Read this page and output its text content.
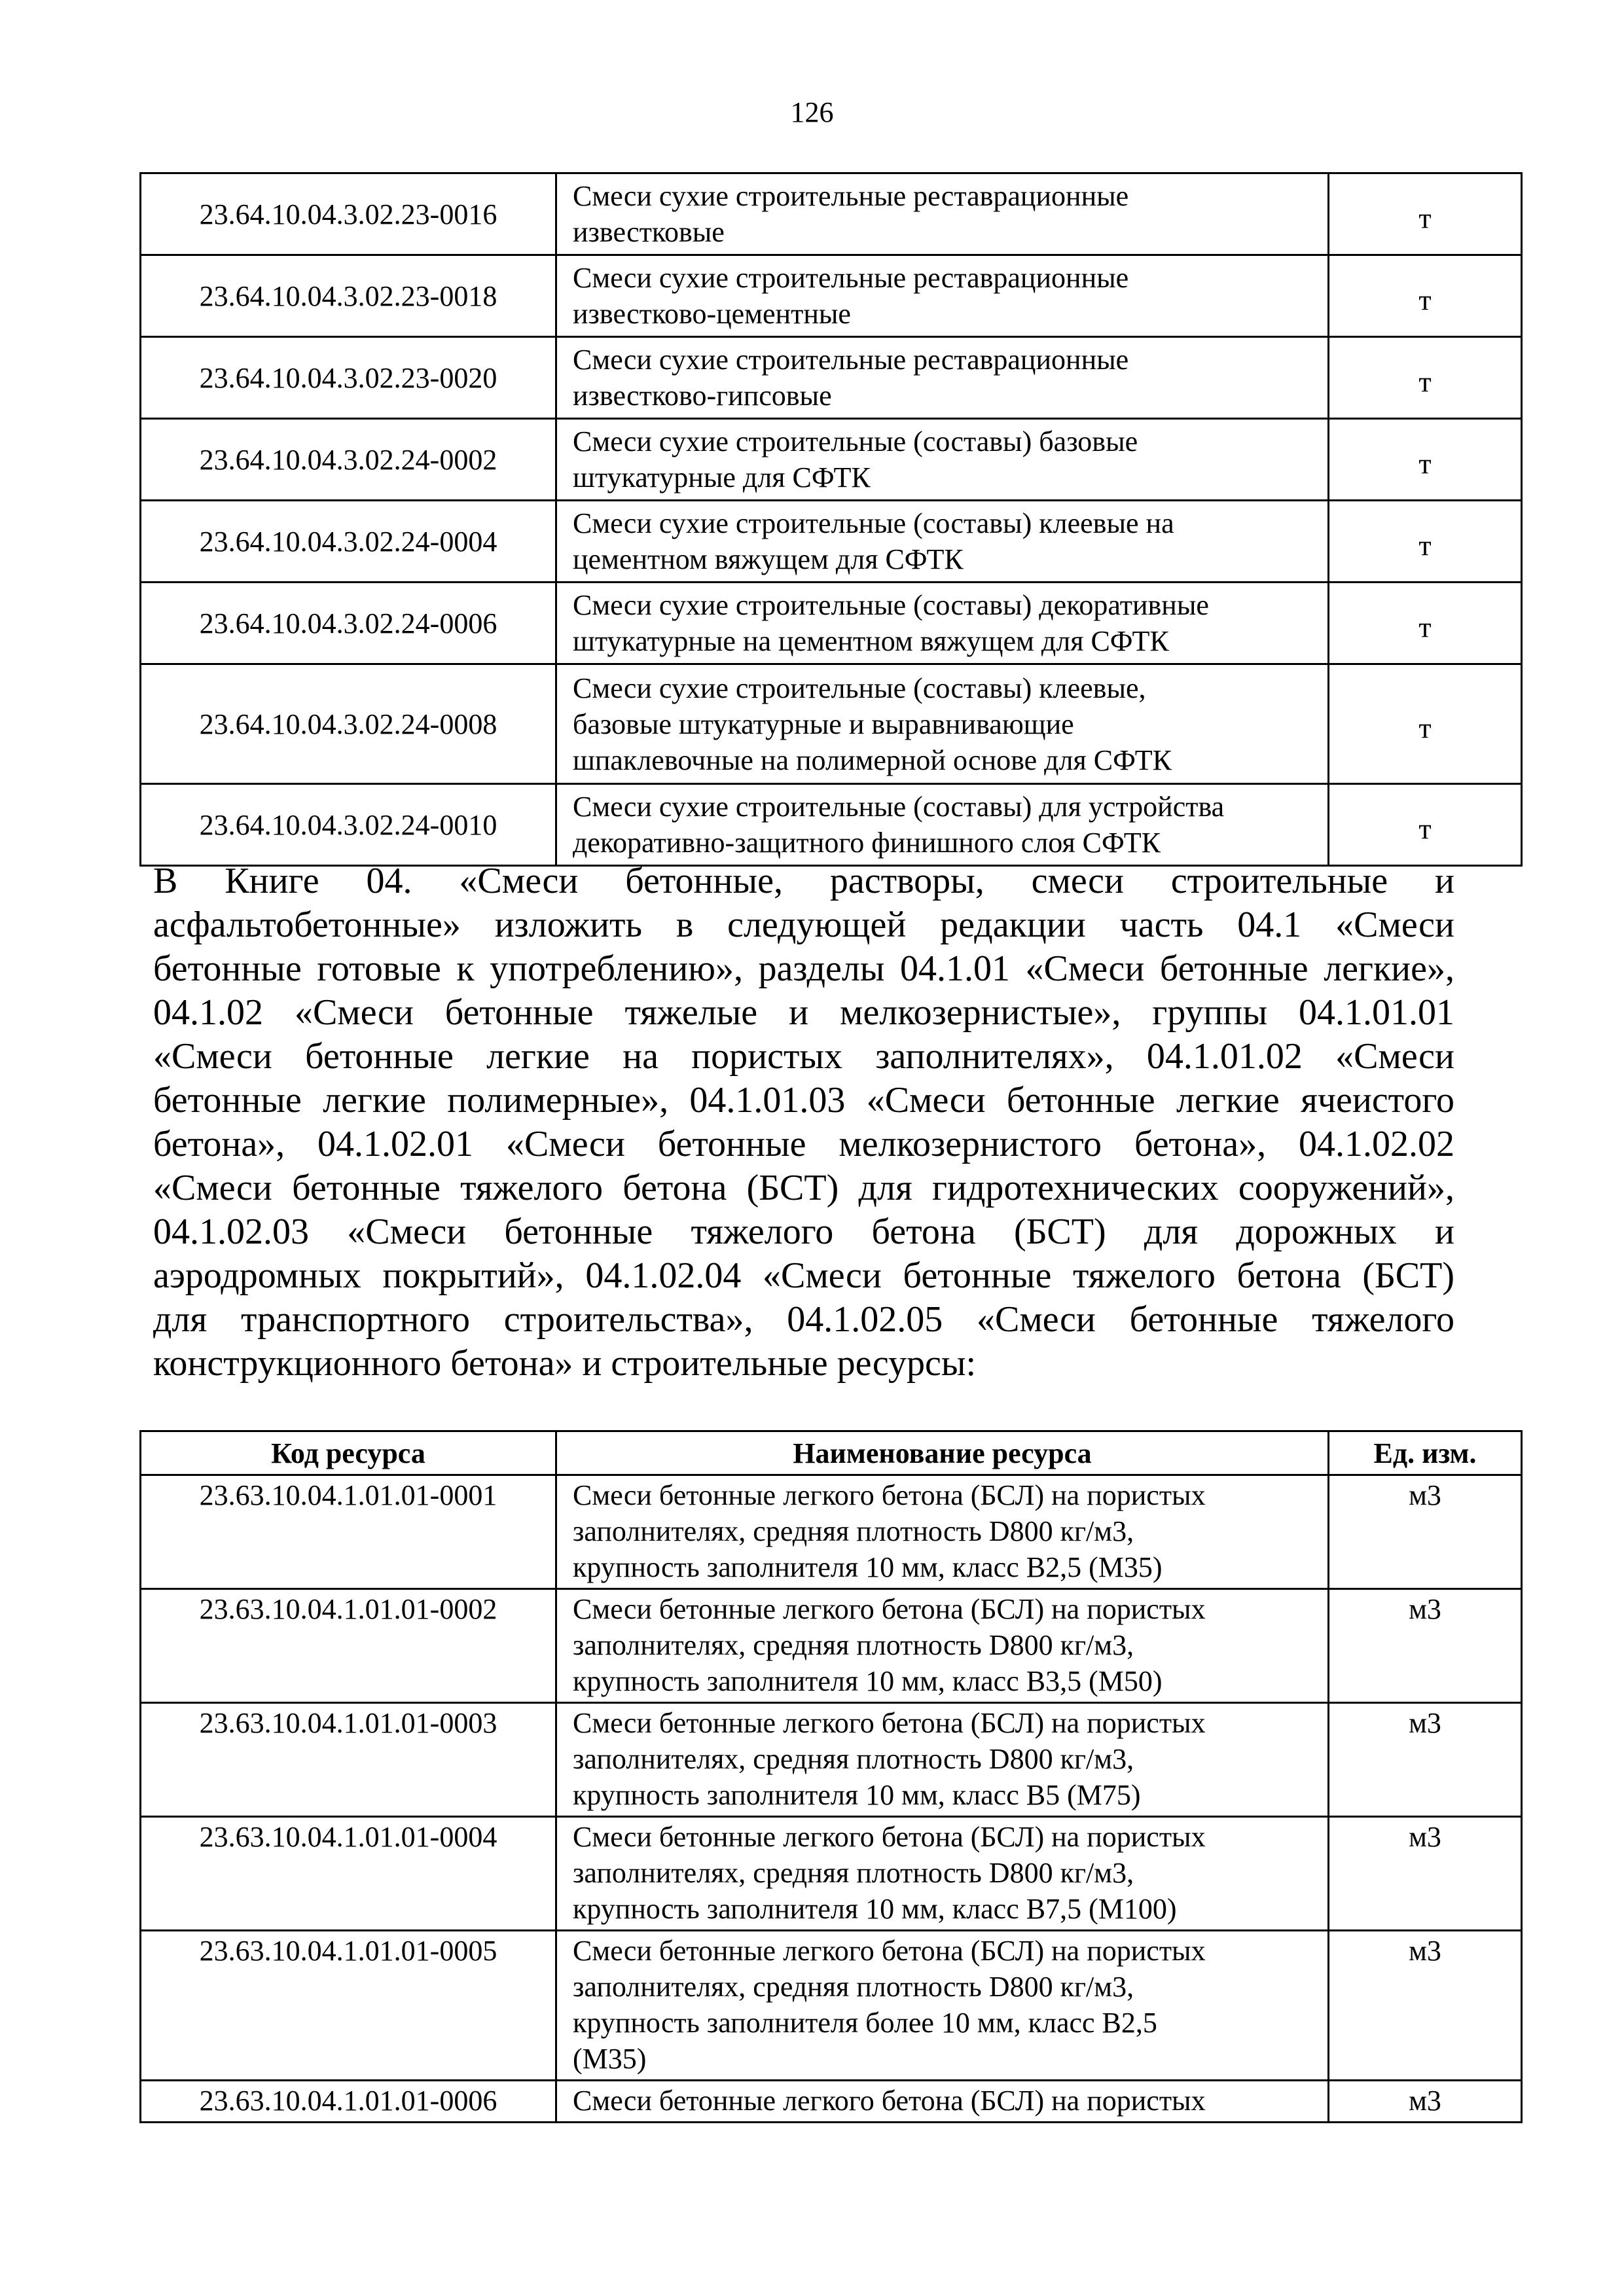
126
23.64.10.04.3.02.23-0016	Смеси сухие строительные реставрационные
известковые	т
23.64.10.04.3.02.23-0018	Смеси сухие строительные реставрационные
известково-цементные	т
23.64.10.04.3.02.23-0020	Смеси сухие строительные реставрационные
известково-гипсовые	т
23.64.10.04.3.02.24-0002	Смеси сухие строительные (составы) базовые
штукатурные для СФТК	т
23.64.10.04.3.02.24-0004	Смеси сухие строительные (составы) клеевые на
цементном вяжущем для СФТК	т
23.64.10.04.3.02.24-0006	Смеси сухие строительные (составы) декоративные
штукатурные на цементном вяжущем для СФТК	т
23.64.10.04.3.02.24-0008	Смеси сухие строительные (составы) клеевые,
базовые штукатурные и выравнивающие
шпаклевочные на полимерной основе для СФТК	т
23.64.10.04.3.02.24-0010	Смеси сухие строительные (составы) для устройства
декоративно-защитного финишного слоя СФТК	т
В Книге 04. «Смеси бетонные, растворы, смеси строительные и
асфальтобетонные» изложить в следующей редакции часть 04.1 «Смеси
бетонные готовые к употреблению», разделы 04.1.01 «Смеси бетонные легкие»,
04.1.02 «Смеси бетонные тяжелые и мелкозернистые», группы 04.1.01.01
«Смеси бетонные легкие на пористых заполнителях», 04.1.01.02 «Смеси
бетонные легкие полимерные», 04.1.01.03 «Смеси бетонные легкие ячеистого
бетона», 04.1.02.01 «Смеси бетонные мелкозернистого бетона», 04.1.02.02
«Смеси бетонные тяжелого бетона (БСТ) для гидротехнических сооружений»,
04.1.02.03 «Смеси бетонные тяжелого бетона (БСТ) для дорожных и
аэродромных покрытий», 04.1.02.04 «Смеси бетонные тяжелого бетона (БСТ)
для транспортного строительства», 04.1.02.05 «Смеси бетонные тяжелого
конструкционного бетона» и строительные ресурсы:
Код ресурса	Наименование ресурса	Ед. изм.
23.63.10.04.1.01.01-0001	Смеси бетонные легкого бетона (БСЛ) на пористых
заполнителях, средняя плотность D800 кг/м3,
крупность заполнителя 10 мм, класс B2,5 (М35)	м3
23.63.10.04.1.01.01-0002	Смеси бетонные легкого бетона (БСЛ) на пористых
заполнителях, средняя плотность D800 кг/м3,
крупность заполнителя 10 мм, класс B3,5 (М50)	м3
23.63.10.04.1.01.01-0003	Смеси бетонные легкого бетона (БСЛ) на пористых
заполнителях, средняя плотность D800 кг/м3,
крупность заполнителя 10 мм, класс B5 (М75)	м3
23.63.10.04.1.01.01-0004	Смеси бетонные легкого бетона (БСЛ) на пористых
заполнителях, средняя плотность D800 кг/м3,
крупность заполнителя 10 мм, класс B7,5 (М100)	м3
23.63.10.04.1.01.01-0005	Смеси бетонные легкого бетона (БСЛ) на пористых
заполнителях, средняя плотность D800 кг/м3,
крупность заполнителя более 10 мм, класс B2,5
(М35)	м3
23.63.10.04.1.01.01-0006	Смеси бетонные легкого бетона (БСЛ) на пористых	м3
